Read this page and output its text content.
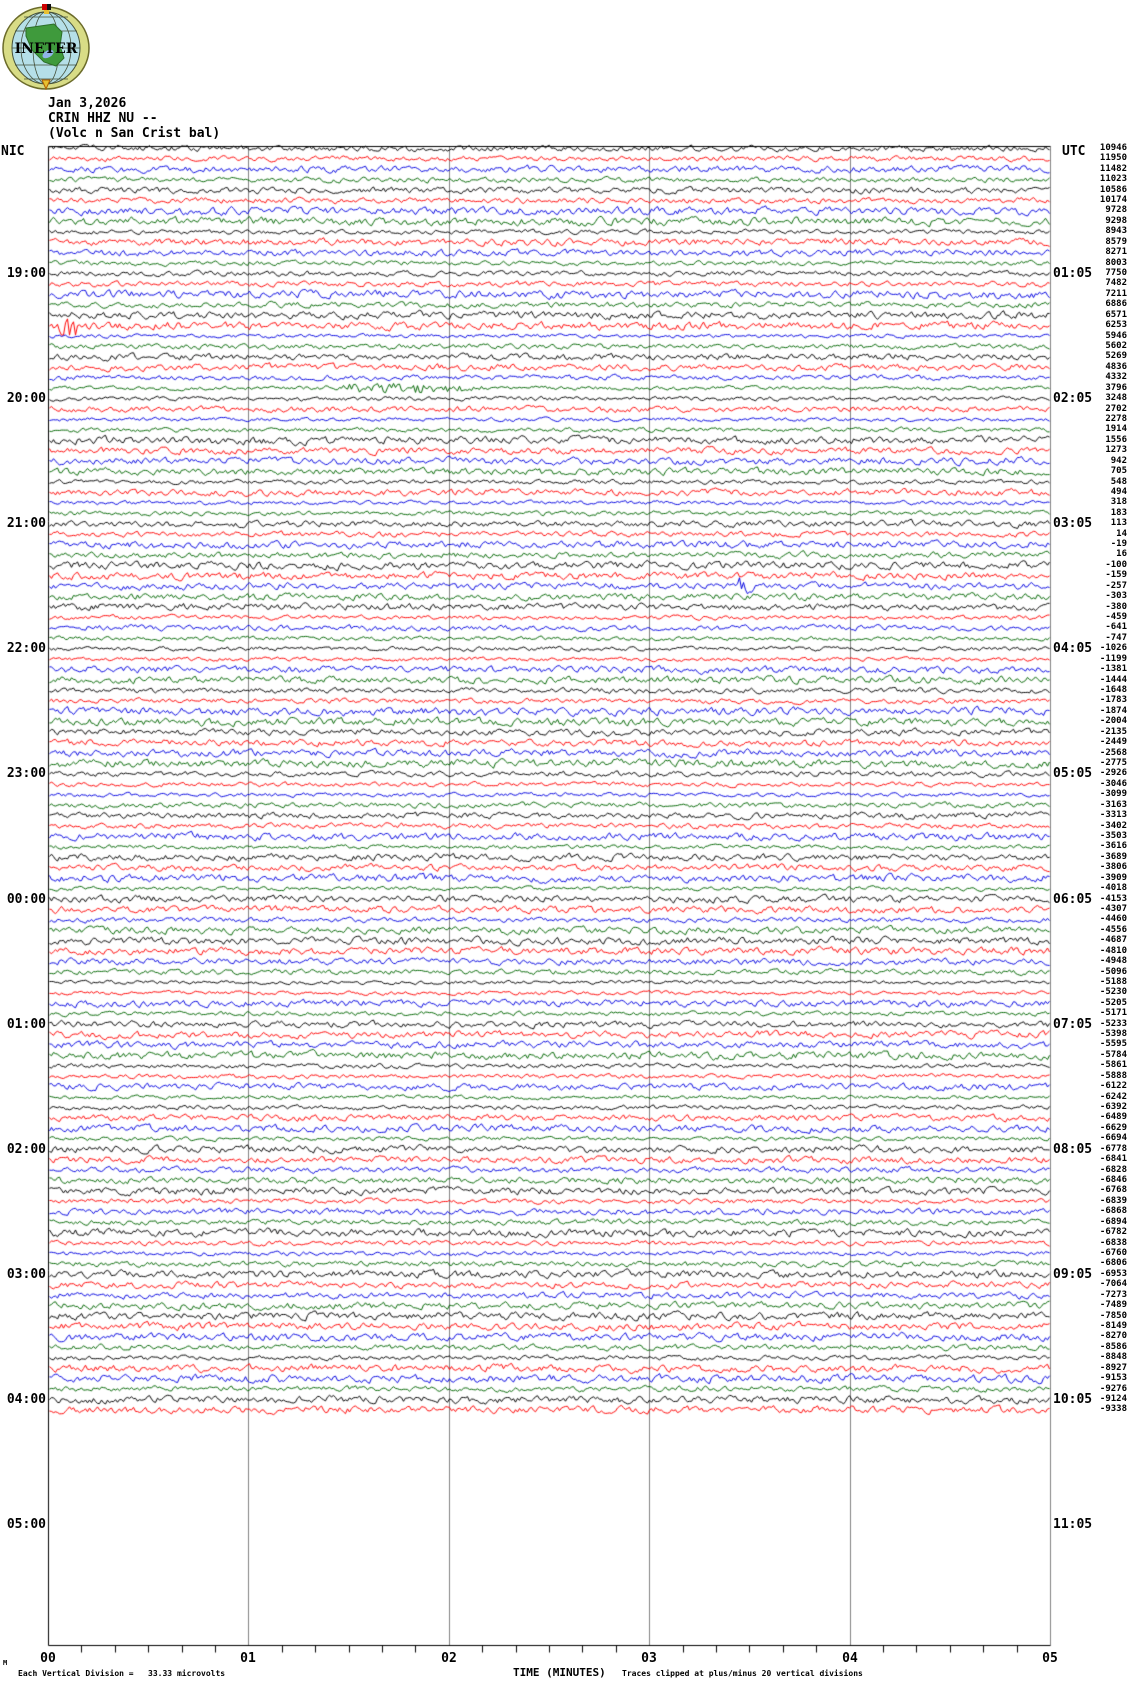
INETER
Jan 3,2026
CRIN HHZ NU --
(Volc n San Crist bal)
NIC	UTC
19:00
20:00
21:00
22:00
23:00
00:00
01:00
02:00
03:00
04:00
05:00
01:05
02:05
03:05
04:05
05:05
06:05
07:05
08:05
09:05
10:05
11:05
10946
11950
11482
11023
10586
10174
9728
9298
8943
8579
8271
8003
7750
7482
7211
6886
6571
6253
5946
5602
5269
4836
4332
3796
3248
2702
2278
1914
1556
1273
942
705
548
494
318
183
113
14
-19
16
-100
-159
-257
-303
-380
-459
-641
-747
-1026
-1199
-1381
-1444
-1648
-1783
-1874
-2004
-2135
-2449
-2568
-2775
-2926
-3046
-3099
-3163
-3313
-3402
-3503
-3616
-3689
-3806
-3909
-4018
-4153
-4307
-4460
-4556
-4687
-4810
-4948
-5096
-5188
-5230
-5205
-5171
-5233
-5398
-5595
-5784
-5861
-5888
-6122
-6242
-6392
-6489
-6629
-6694
-6778
-6841
-6828
-6846
-6768
-6839
-6868
-6894
-6782
-6838
-6760
-6806
-6953
-7064
-7273
-7489
-7850
-8149
-8270
-8586
-8848
-8927
-9153
-9276
-9124
-9338
00	01	02	03	04	05
M
Each Vertical Division =   33.33 microvolts	TIME (MINUTES) Traces clipped at plus/minus 20 vertical divisions
